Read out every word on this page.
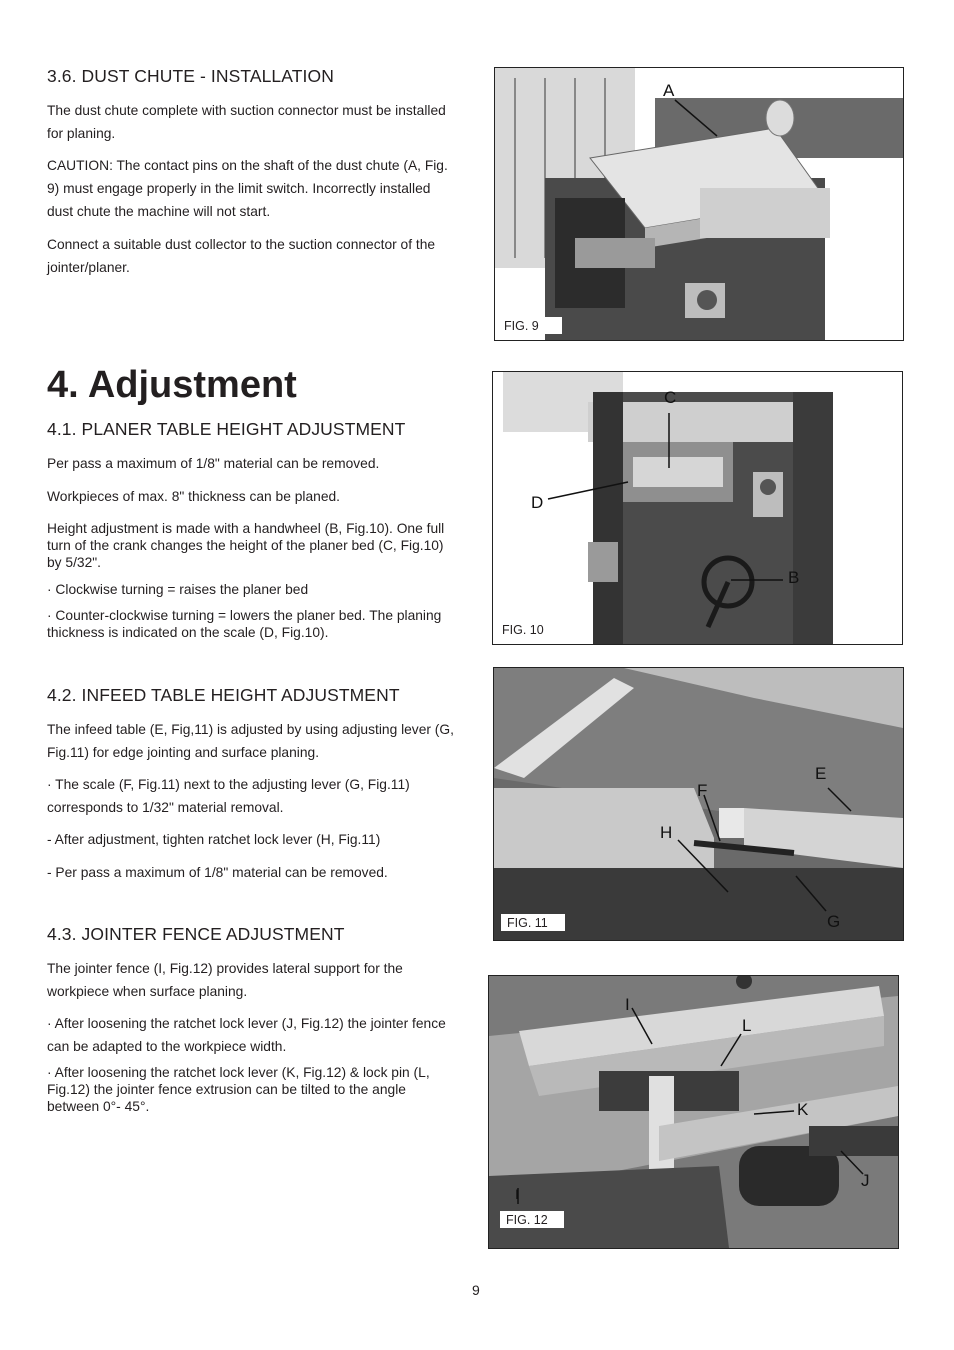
3.6. DUST CHUTE - INSTALLATION

The dust chute complete with suction connector must be installed for planing.

CAUTION: The contact pins on the shaft of the dust chute (A, Fig. 9) must engage properly in the limit switch. Incorrectly installed dust chute the machine will not start.

Connect a suitable dust collector to the suction connector of the jointer/planer.

4. Adjustment
4.1. PLANER TABLE HEIGHT ADJUSTMENT

Per pass a maximum of 1/8" material can be removed.

Workpieces of max. 8" thickness can be planed.

Height adjustment is made with a handwheel (B, Fig.10). One full turn of the crank changes the height of the planer bed (C, Fig.10) by 5/32".

· Clockwise turning = raises the planer bed

· Counter-clockwise turning = lowers the planer bed. The planing thickness is indicated on the scale (D, Fig.10).

4.2. INFEED TABLE HEIGHT ADJUSTMENT

The infeed table (E, Fig,11) is adjusted by using adjusting lever (G, Fig.11) for edge jointing and surface planing.

· The scale (F, Fig.11) next to the adjusting lever (G, Fig.11) corresponds to 1/32" material removal.

- After adjustment, tighten ratchet lock lever (H, Fig.11)

- Per pass a maximum of 1/8" material can be removed.

4.3. JOINTER FENCE ADJUSTMENT

The jointer fence (I, Fig.12) provides lateral support for the workpiece when surface planing.

· After loosening the ratchet lock lever (J, Fig.12) the jointer fence can be adapted to the workpiece width.

· After loosening the ratchet lock lever (K, Fig.12) & lock pin (L, Fig.12) the jointer fence extrusion can be tilted to the angle between 0°- 45°.

A
FIG. 9
C
D
B
FIG. 10
E
F
H
G
FIG. 11
I
L
K
J
I
FIG. 12
9
